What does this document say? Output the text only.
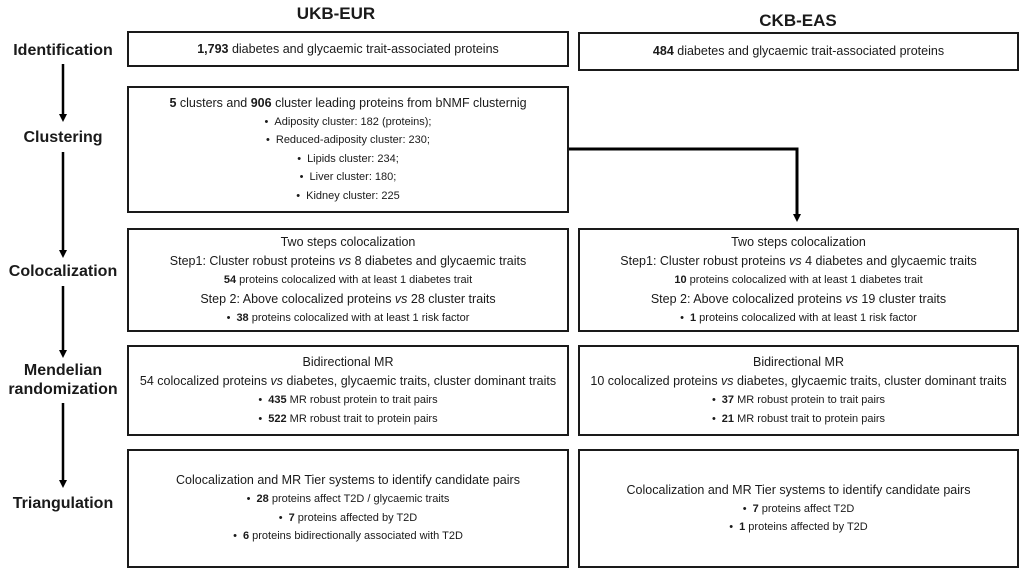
UKB-EUR	CKB-EAS
Identification
Clustering
Colocalization
Mendelian
randomization
Triangulation
1,793 diabetes and glycaemic trait-associated proteins
5 clusters and 906 cluster leading proteins from bNMF clusternig
• Adiposity cluster: 182 (proteins);
• Reduced-adiposity cluster: 230;
• Lipids cluster: 234;
• Liver cluster: 180;
• Kidney cluster: 225
Two steps colocalization
Step1: Cluster robust proteins vs 8 diabetes and glycaemic traits
54 proteins colocalized with at least 1 diabetes trait
Step 2: Above colocalized proteins vs 28 cluster traits
• 38 proteins colocalized with at least 1 risk factor
Bidirectional MR
54 colocalized proteins vs diabetes, glycaemic traits, cluster dominant traits
• 435 MR robust protein to trait pairs
• 522 MR robust trait to protein pairs
Colocalization and MR Tier systems to identify candidate pairs
• 28 proteins affect T2D / glycaemic traits
• 7 proteins affected by T2D
• 6 proteins bidirectionally associated with T2D
484 diabetes and glycaemic trait-associated proteins
Two steps colocalization
Step1: Cluster robust proteins vs 4 diabetes and glycaemic traits
10 proteins colocalized with at least 1 diabetes trait
Step 2: Above colocalized proteins vs 19 cluster traits
• 1 proteins colocalized with at least 1 risk factor
Bidirectional MR
10 colocalized proteins vs diabetes, glycaemic traits, cluster dominant traits
• 37 MR robust protein to trait pairs
• 21 MR robust trait to protein pairs
Colocalization and MR Tier systems to identify candidate pairs
• 7 proteins affect T2D
• 1 proteins affected by T2D
